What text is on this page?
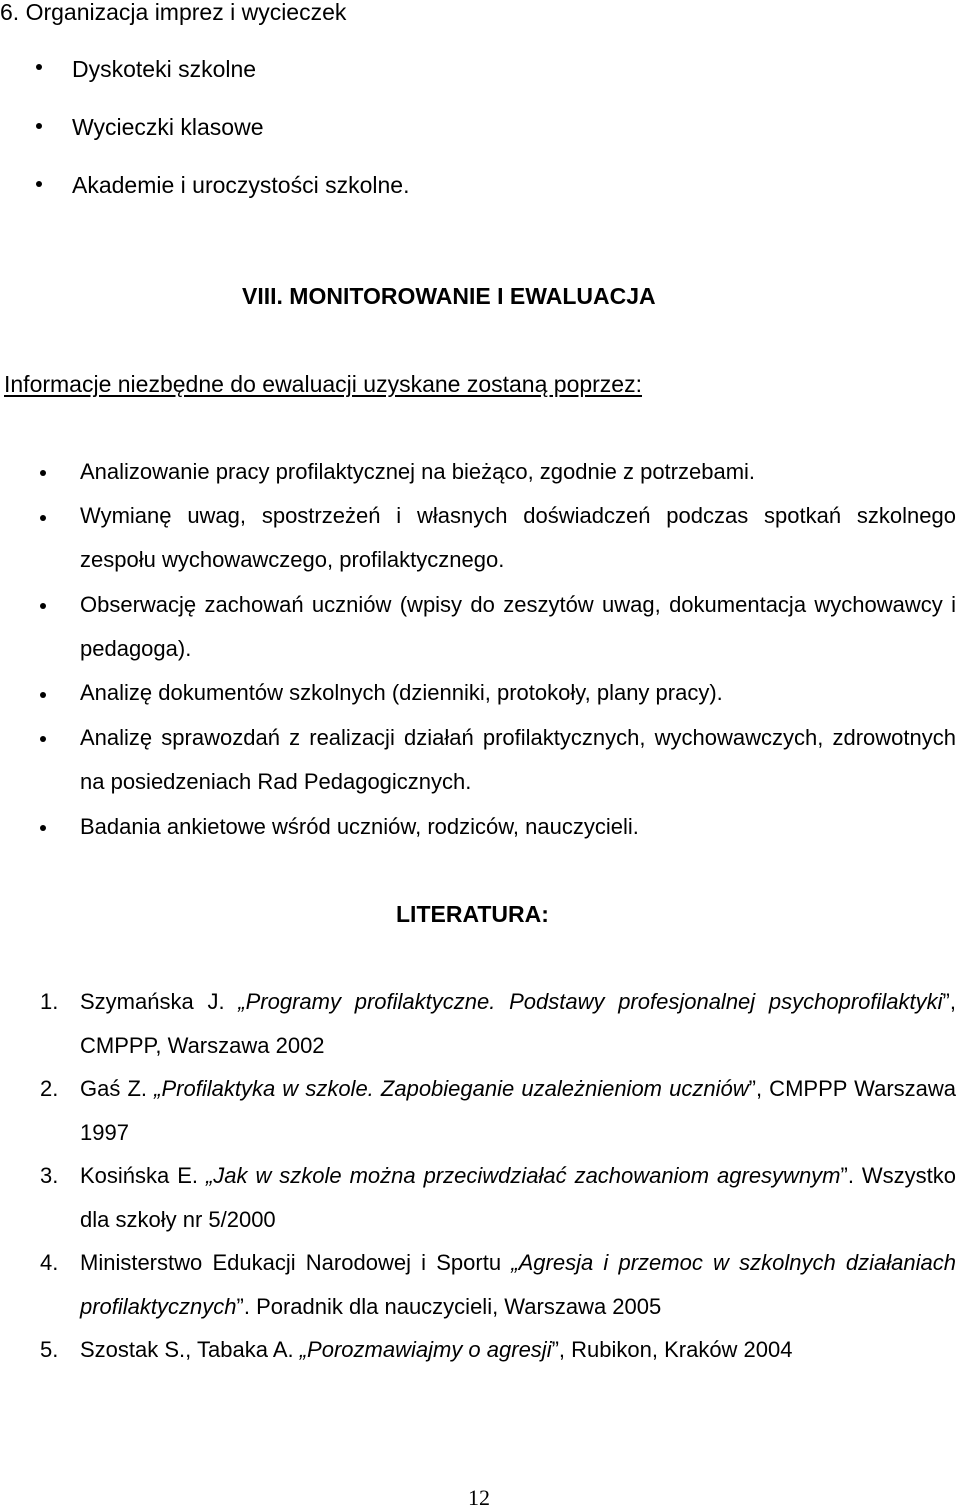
6. Organizacja imprez i wycieczek
Dyskoteki szkolne
Wycieczki klasowe
Akademie i uroczystości szkolne.
VIII. MONITOROWANIE I EWALUACJA
Informacje niezbędne do ewaluacji uzyskane zostaną poprzez:
Analizowanie pracy profilaktycznej na bieżąco, zgodnie z potrzebami.
Wymianę uwag, spostrzeżeń i własnych doświadczeń podczas spotkań szkolnego zespołu wychowawczego, profilaktycznego.
Obserwację zachowań uczniów (wpisy do zeszytów uwag, dokumentacja wychowawcy i pedagoga).
Analizę dokumentów szkolnych (dzienniki, protokoły, plany pracy).
Analizę sprawozdań z realizacji działań profilaktycznych, wychowawczych, zdrowotnych na posiedzeniach Rad Pedagogicznych.
Badania ankietowe wśród uczniów, rodziców, nauczycieli.
LITERATURA:
1. Szymańska J. „Programy profilaktyczne. Podstawy profesjonalnej psychoprofilaktyki”, CMPPP, Warszawa 2002
2. Gaś Z. „Profilaktyka w szkole. Zapobieganie uzależnieniom uczniów”, CMPPP Warszawa 1997
3. Kosińska E. „Jak w szkole można przeciwdziałać zachowaniom agresywnym”. Wszystko dla szkoły nr 5/2000
4. Ministerstwo Edukacji Narodowej i Sportu „Agresja i przemoc w szkolnych działaniach profilaktycznych”. Poradnik dla nauczycieli, Warszawa 2005
5. Szostak S., Tabaka A. „Porozmawiajmy o agresji”, Rubikon, Kraków 2004
12
